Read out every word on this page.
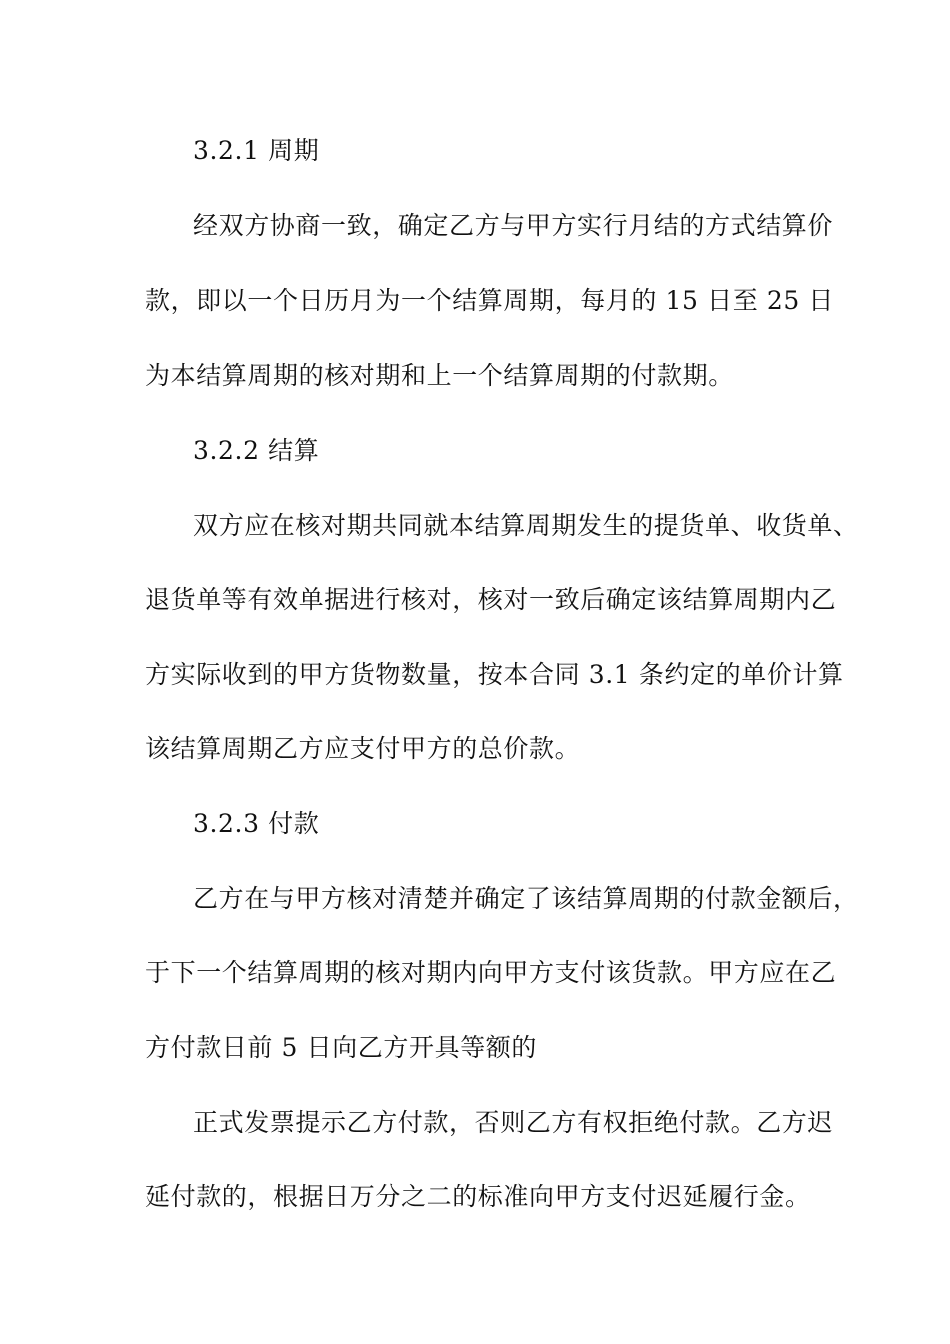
3.2.1 周期
经双方协商一致，确定乙方与甲方实行月结的方式结算价
款，即以一个日历月为一个结算周期，每月的 15 日至 25 日
为本结算周期的核对期和上一个结算周期的付款期。
3.2.2 结算
双方应在核对期共同就本结算周期发生的提货单、收货单、
退货单等有效单据进行核对，核对一致后确定该结算周期内乙
方实际收到的甲方货物数量，按本合同 3.1 条约定的单价计算
该结算周期乙方应支付甲方的总价款。
3.2.3 付款
乙方在与甲方核对清楚并确定了该结算周期的付款金额后，
于下一个结算周期的核对期内向甲方支付该货款。甲方应在乙
方付款日前 5 日向乙方开具等额的
正式发票提示乙方付款，否则乙方有权拒绝付款。乙方迟
延付款的，根据日万分之二的标准向甲方支付迟延履行金。
